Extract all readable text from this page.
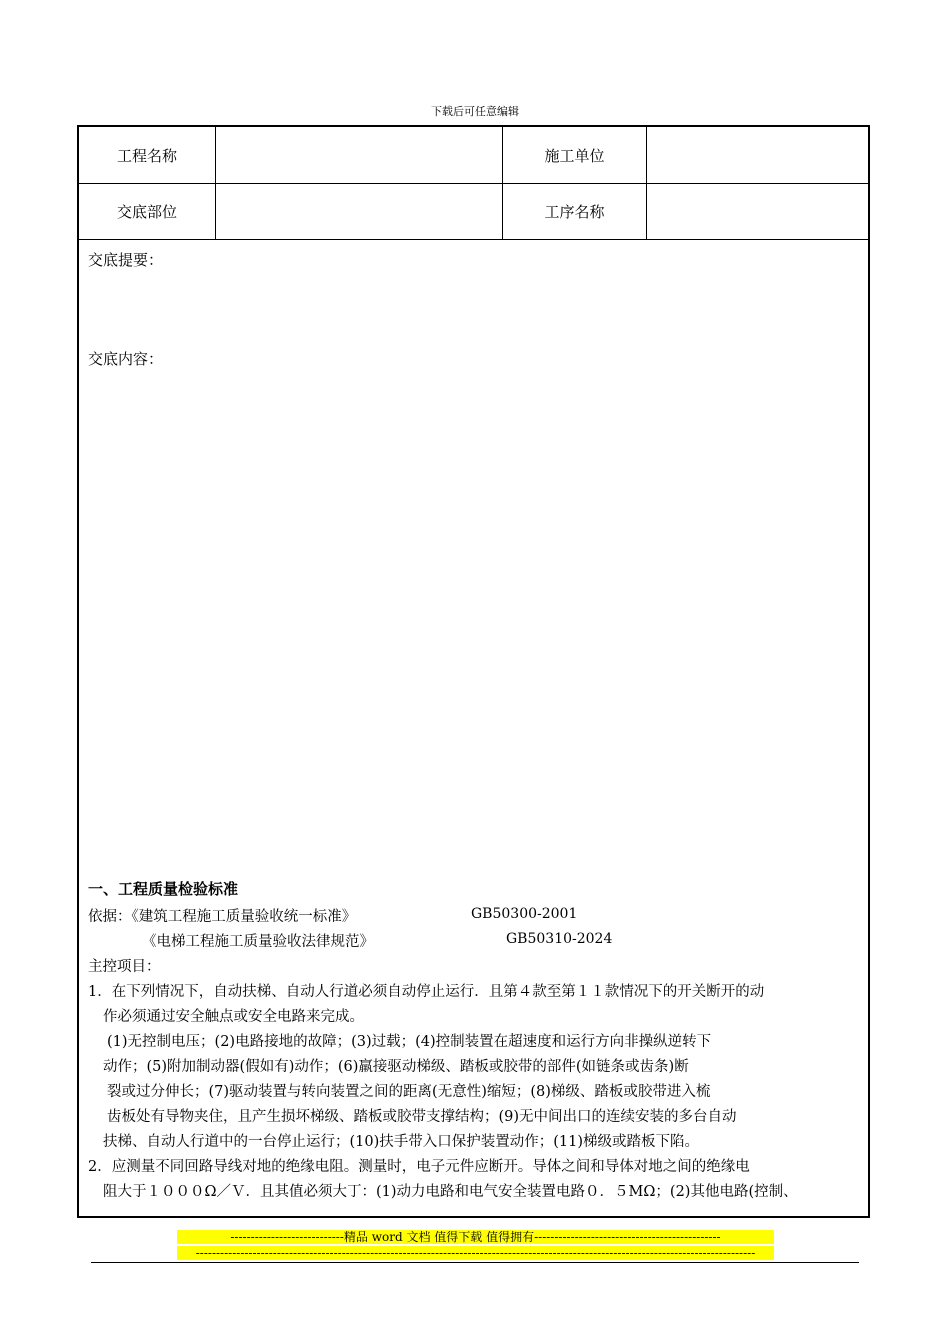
下载后可任意编辑
工程名称	施工单位
交底部位	工序名称
交底提要：
交底内容：
一、工程质量检验标准
依据：《建筑工程施工质量验收统一标准》	GB50300-2001
《电梯工程施工质量验收法律规范》	GB50310-2024
主控项目：
1．在下列情况下，自动扶梯、自动人行道必须自动停止运行．且第４款至第１１款情况下的开关断开的动
作必须通过安全触点或安全电路来完成。
(1)无控制电压；(2)电路接地的故障；(3)过载；(4)控制装置在超速度和运行方向非操纵逆转下
动作；(5)附加制动器(假如有)动作；(6)羸接驱动梯级、踏板或胶带的部件(如链条或齿条)断
裂或过分伸长；(7)驱动装置与转向装置之间的距离(无意性)缩短；(8)梯级、踏板或胶带进入梳
齿板处有导物夹住，且产生损坏梯级、踏板或胶带支撑结构；(9)无中间出口的连续安装的多台自动
扶梯、自动人行道中的一台停止运行；(10)扶手带入口保护装置动作；(11)梯级或踏板下陷。
2．应测量不同回路导线对地的绝缘电阻。测量时，电子元件应断开。导体之间和导体对地之间的绝缘电
阻大于１０００Ω／Ｖ．且其值必须大丁：(1)动力电路和电气安全装置电路０．５MΩ；(2)其他电路(控制、
----------------------------精品 word 文档 值得下载 值得拥有----------------------------------------------
------------------------------------------------------------------------------------------------------------------------------------------
